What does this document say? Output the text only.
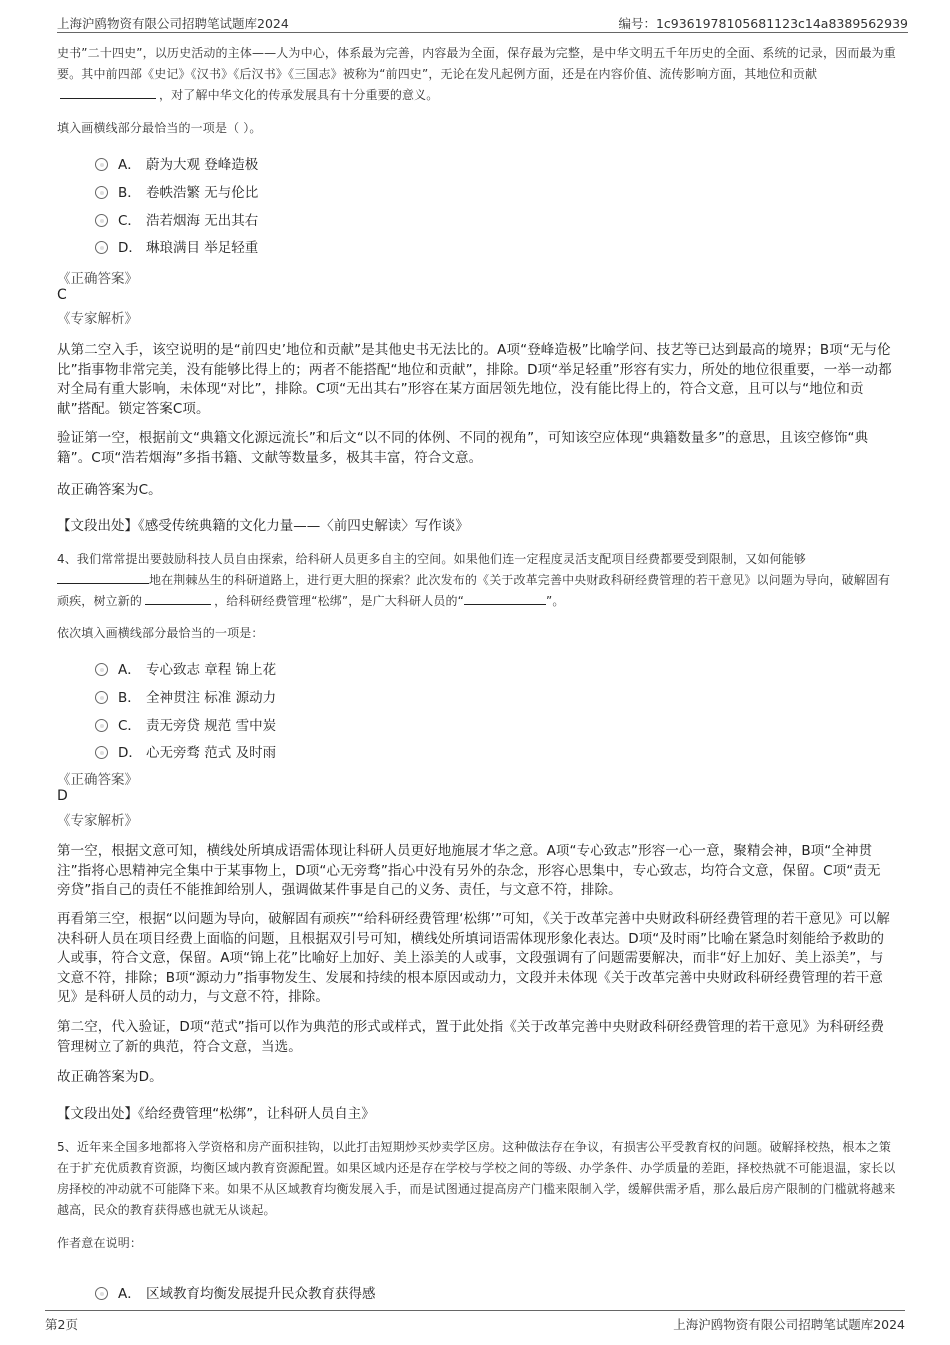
上海沪鸥物资有限公司招聘笔试题库2024	编号：1c9361978105681123c14a8389562939

史书”二十四史”，以历史活动的主体——人为中心，体系最为完善，内容最为全面，保存最为完整，是中华文明五千年历史的全面、系统的记录，因而最为重要。其中前四部《史记》《汉书》《后汉书》《三国志》被称为“前四史”，无论在发凡起例方面，还是在内容价值、流传影响方面，其地位和贡献，对了解中华文化的传承发展具有十分重要的意义。

填入画横线部分最恰当的一项是（ ）。

A． 蔚为大观 登峰造极
B． 卷帙浩繁 无与伦比
C． 浩若烟海 无出其右
D． 琳琅满目 举足轻重
《正确答案》
C
《专家解析》

从第二空入手，该空说明的是“前四史’地位和贡献”是其他史书无法比的。A项“登峰造极”比喻学问、技艺等已达到最高的境界；B项“无与伦比”指事物非常完美，没有能够比得上的；两者不能搭配“地位和贡献”，排除。D项“举足轻重”形容有实力，所处的地位很重要，一举一动都对全局有重大影响，未体现“对比”，排除。C项“无出其右”形容在某方面居领先地位，没有能比得上的，符合文意，且可以与“地位和贡献”搭配。锁定答案C项。

验证第一空，根据前文“典籍文化源远流长”和后文“以不同的体例、不同的视角”，可知该空应体现“典籍数量多”的意思，且该空修饰“典籍”。C项“浩若烟海”多指书籍、文献等数量多，极其丰富，符合文意。

故正确答案为C。

【文段出处】《感受传统典籍的文化力量——〈前四史解读〉写作谈》

4、我们常常提出要鼓励科技人员自由探索，给科研人员更多自主的空间。如果他们连一定程度灵活支配项目经费都要受到限制，又如何能够
地在荆棘丛生的科研道路上，进行更大胆的探索？此次发布的《关于改革完善中央财政科研经费管理的若干意见》以问题为导向，破解固有顽疾，树立新的	，给科研经费管理“松绑”，是广大科研人员的“	”。

依次填入画横线部分最恰当的一项是：

A． 专心致志 章程 锦上花
B． 全神贯注 标准 源动力
C． 责无旁贷 规范 雪中炭
D． 心无旁骛 范式 及时雨
《正确答案》
D
《专家解析》

第一空，根据文意可知，横线处所填成语需体现让科研人员更好地施展才华之意。A项“专心致志”形容一心一意，聚精会神，B项“全神贯注”指将心思精神完全集中于某事物上，D项“心无旁骛”指心中没有另外的杂念，形容心思集中，专心致志，均符合文意，保留。C项“责无旁贷”指自己的责任不能推卸给别人，强调做某件事是自己的义务、责任，与文意不符，排除。

再看第三空，根据“以问题为导向，破解固有顽疾”“给科研经费管理‘松绑’”可知，《关于改革完善中央财政科研经费管理的若干意见》可以解决科研人员在项目经费上面临的问题，且根据双引号可知，横线处所填词语需体现形象化表达。D项“及时雨”比喻在紧急时刻能给予救助的人或事，符合文意，保留。A项“锦上花”比喻好上加好、美上添美的人或事，文段强调有了问题需要解决，而非“好上加好、美上添美”，与文意不符，排除；B项“源动力”指事物发生、发展和持续的根本原因或动力，文段并未体现《关于改革完善中央财政科研经费管理的若干意见》是科研人员的动力，与文意不符，排除。

第二空，代入验证，D项“范式”指可以作为典范的形式或样式，置于此处指《关于改革完善中央财政科研经费管理的若干意见》为科研经费管理树立了新的典范，符合文意，当选。

故正确答案为D。

【文段出处】《给经费管理“松绑”，让科研人员自主》

5、近年来全国多地都将入学资格和房产面积挂钩，以此打击短期炒买炒卖学区房。这种做法存在争议，有损害公平受教育权的问题。破解择校热，根本之策在于扩充优质教育资源，均衡区域内教育资源配置。如果区域内还是存在学校与学校之间的等级、办学条件、办学质量的差距，择校热就不可能退温，家长以房择校的冲动就不可能降下来。如果不从区域教育均衡发展入手，而是试图通过提高房产门槛来限制入学，缓解供需矛盾，那么最后房产限制的门槛就将越来越高，民众的教育获得感也就无从谈起。

作者意在说明：

A． 区域教育均衡发展提升民众教育获得感
第2页	上海沪鸥物资有限公司招聘笔试题库2024
